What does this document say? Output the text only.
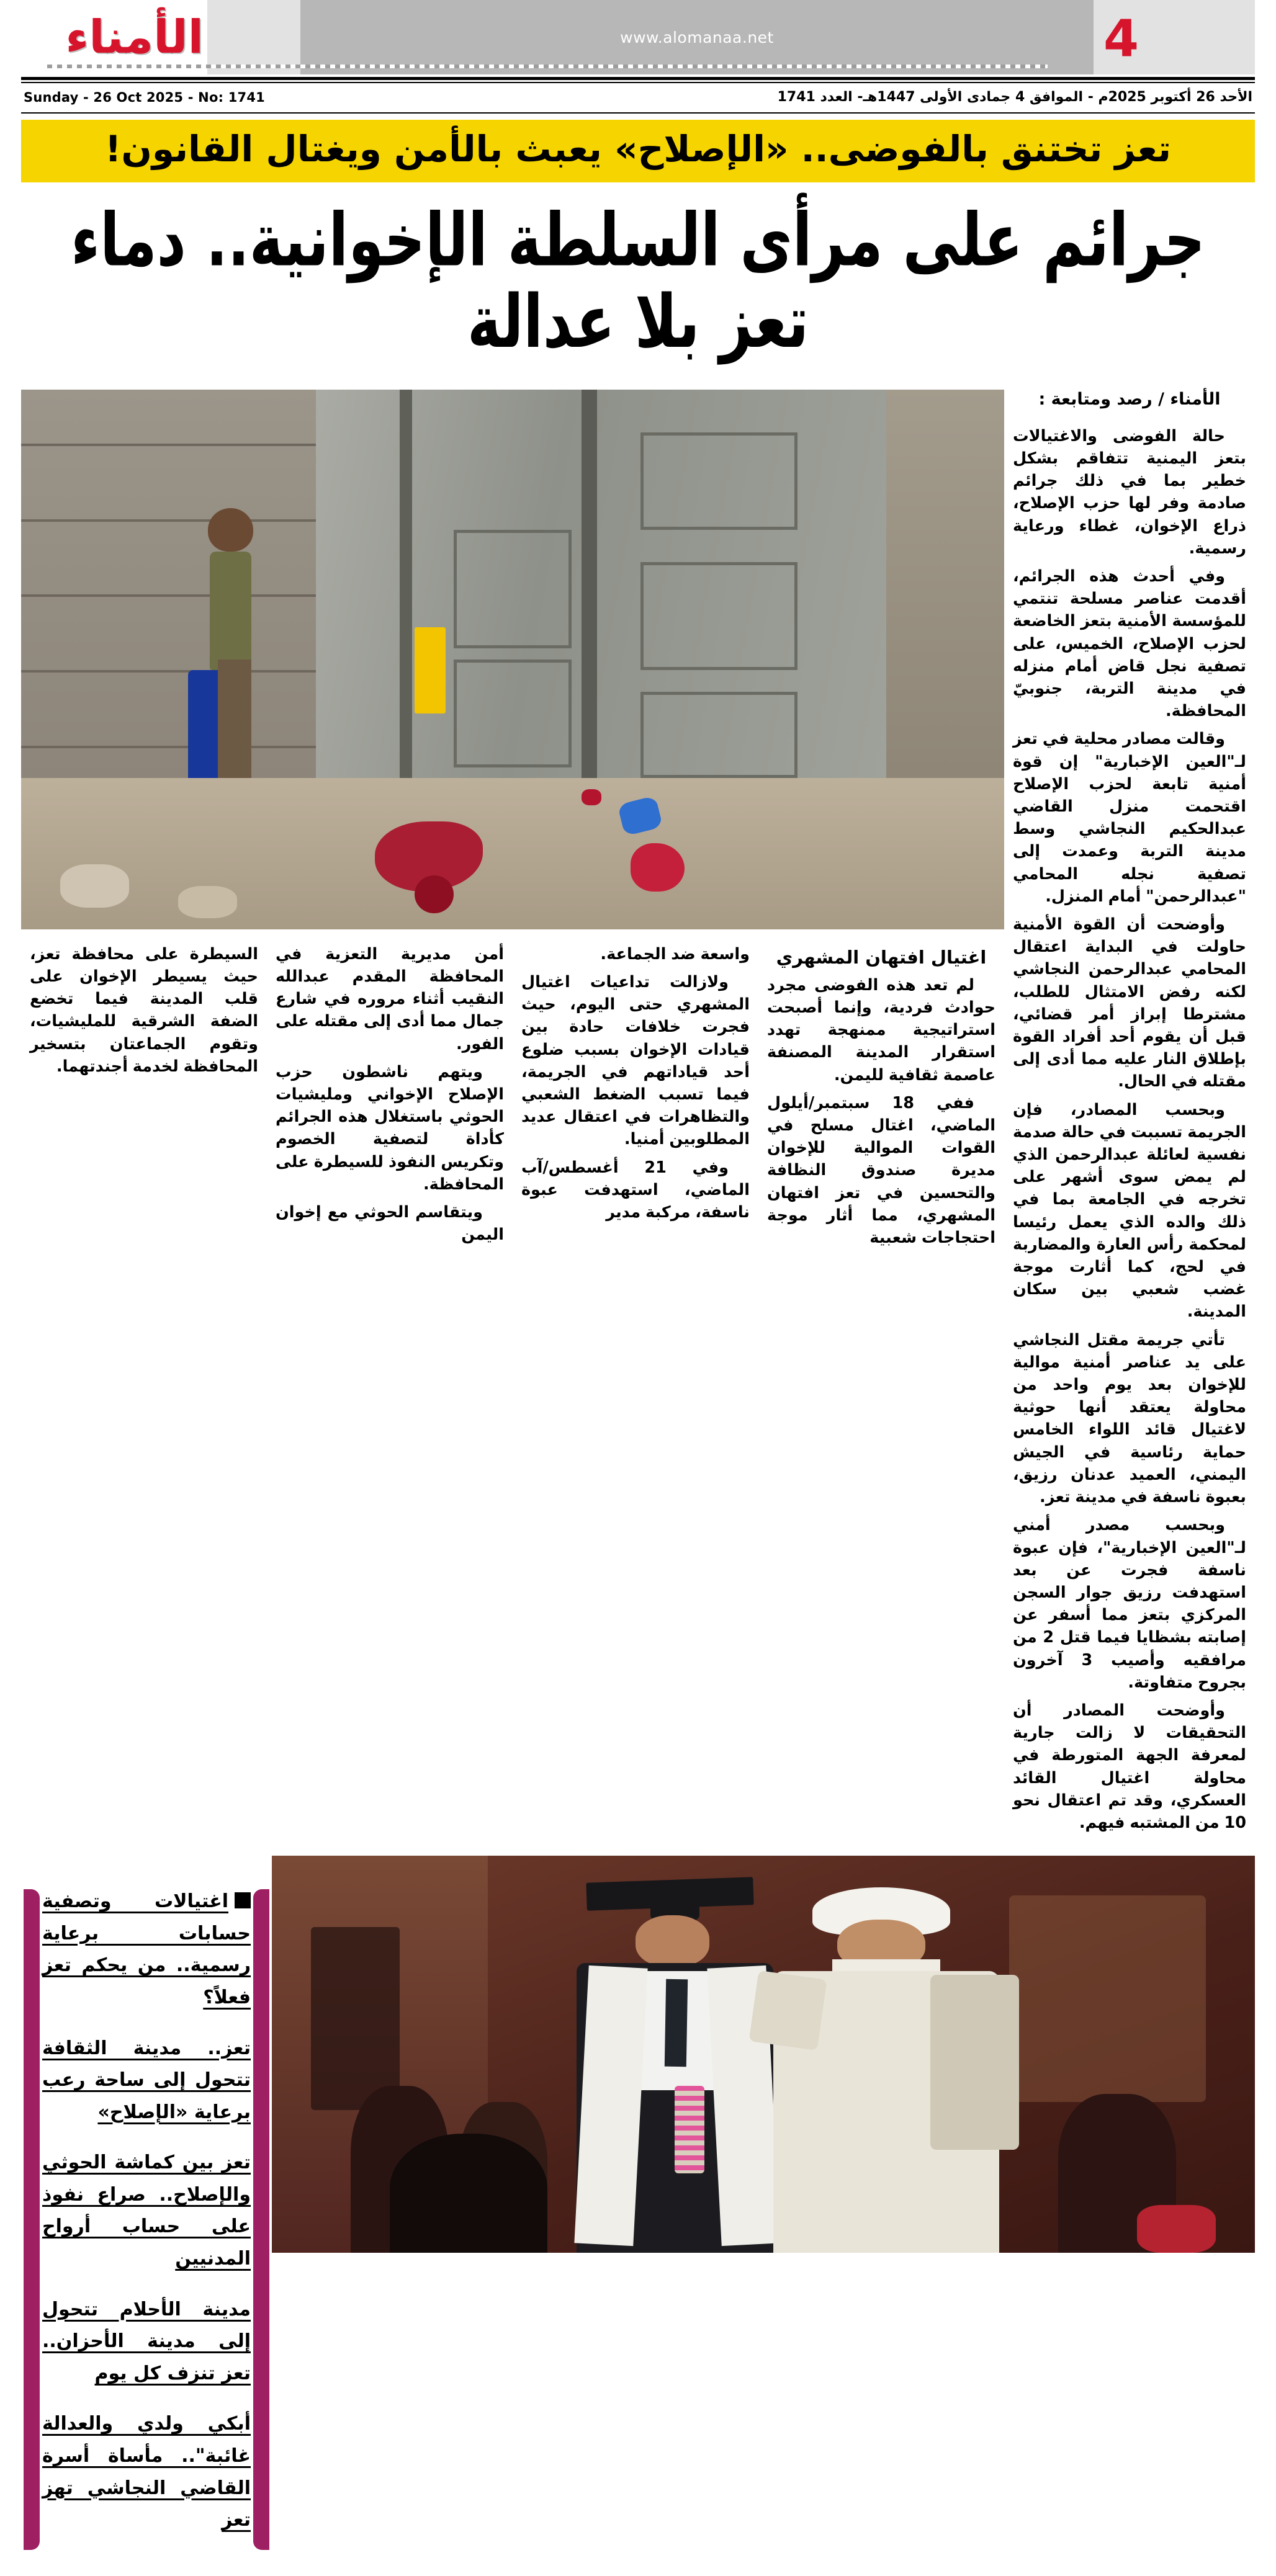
4
www.alomanaa.net
الأمناء
الأحد 26 أكتوبر 2025م - الموافق 4 جمادى الأولى 1447هـ- العدد 1741
Sunday - 26 Oct 2025 - No: 1741
تعز تختنق بالفوضى.. «الإصلاح» يعبث بالأمن ويغتال القانون!
جرائم على مرأى السلطة الإخوانية.. دماء تعز بلا عدالة
الأمناء / رصد ومتابعة :

حالة الفوضى والاغتيالات بتعز اليمنية تتفاقم بشكل خطير بما في ذلك جرائم صادمة وفر لها حزب الإصلاح، ذراع الإخوان، غطاء ورعاية رسمية.

وفي أحدث هذه الجرائم، أقدمت عناصر مسلحة تنتمي للمؤسسة الأمنية بتعز الخاضعة لحزب الإصلاح، الخميس، على تصفية نجل قاض أمام منزله في مدينة التربة، جنوبيّ المحافظة.

وقالت مصادر محلية في تعز لـ"العين الإخبارية" إن قوة أمنية تابعة لحزب الإصلاح اقتحمت منزل القاضي عبدالحكيم النجاشي وسط مدينة التربة وعمدت إلى تصفية نجله المحامي "عبدالرحمن" أمام المنزل.

وأوضحت أن القوة الأمنية حاولت في البداية اعتقال المحامي عبدالرحمن النجاشي لكنه رفض الامتثال للطلب، مشترطا إبراز أمر قضائي، قبل أن يقوم أحد أفراد القوة بإطلاق النار عليه مما أدى إلى مقتله في الحال.

وبحسب المصادر، فإن الجريمة تسببت في حالة صدمة نفسية لعائلة عبدالرحمن الذي لم يمض سوى أشهر على تخرجه في الجامعة بما في ذلك والده الذي يعمل رئيسا لمحكمة رأس العارة والمضاربة في لحج، كما أثارت موجة غضب شعبي بين سكان المدينة.

تأتي جريمة مقتل النجاشي على يد عناصر أمنية موالية للإخوان بعد يوم واحد من محاولة يعتقد أنها حوثية لاغتيال قائد اللواء الخامس حماية رئاسية في الجيش اليمني، العميد عدنان رزيق، بعبوة ناسفة في مدينة تعز.

وبحسب مصدر أمني لـ"العين الإخبارية"، فإن عبوة ناسفة فجرت عن بعد استهدفت رزيق جوار السجن المركزي بتعز مما أسفر عن إصابته بشظايا فيما قتل 2 من مرافقيه وأصيب 3 آخرون بجروح متفاوتة.

وأوضحت المصادر أن التحقيقات لا زالت جارية لمعرفة الجهة المتورطة في محاولة اغتيال القائد العسكري، وقد تم اعتقال نحو 10 من المشتبه فيهم.

اغتيال افتهان المشهري

لم تعد هذه الفوضى مجرد حوادث فردية، وإنما أصبحت استراتيجية ممنهجة تهدد استقرار المدينة المصنفة عاصمة ثقافية لليمن.

ففي 18 سبتمبر/أيلول الماضي، اغتال مسلح في القوات الموالية للإخوان مديرة صندوق النظافة والتحسين في تعز افتهان المشهري، مما أثار موجة احتجاجات شعبية

واسعة ضد الجماعة.

ولازالت تداعيات اغتيال المشهري حتى اليوم، حيث فجرت خلافات حادة بين قيادات الإخوان بسبب ضلوع أحد قياداتهم في الجريمة، فيما تسبب الضغط الشعبي والتظاهرات في اعتقال عديد المطلوبين أمنيا.

وفي 21 أغسطس/آب الماضي، استهدفت عبوة ناسفة، مركبة مدير

أمن مديرية التعزية في المحافظة المقدم عبدالله النقيب أثناء مروره في شارع جمال مما أدى إلى مقتله على الفور.

ويتهم ناشطون حزب الإصلاح الإخواني ومليشيات الحوثي باستغلال هذه الجرائم كأداة لتصفية الخصوم وتكريس النفوذ للسيطرة على المحافظة.

ويتقاسم الحوثي مع إخوان اليمن

السيطرة على محافظة تعز، حيث يسيطر الإخوان على قلب المدينة فيما تخضع الضفة الشرقية للمليشيات، وتقوم الجماعتان بتسخير المحافظة لخدمة أجندتهما.

اغتيالات وتصفية حسابات برعاية رسمية.. من يحكم تعز فعلاً؟
تعز.. مدينة الثقافة تتحول إلى ساحة رعب برعاية «الإصلاح»
تعز بين كماشة الحوثي والإصلاح.. صراع نفوذ على حساب أرواح المدنيين
مدينة الأحلام تتحول إلى مدينة الأحزان.. تعز تنزف كل يوم
أبكي ولدي والعدالة غائبة".. مأساة أسرة القاضي النجاشي تهز تعز
